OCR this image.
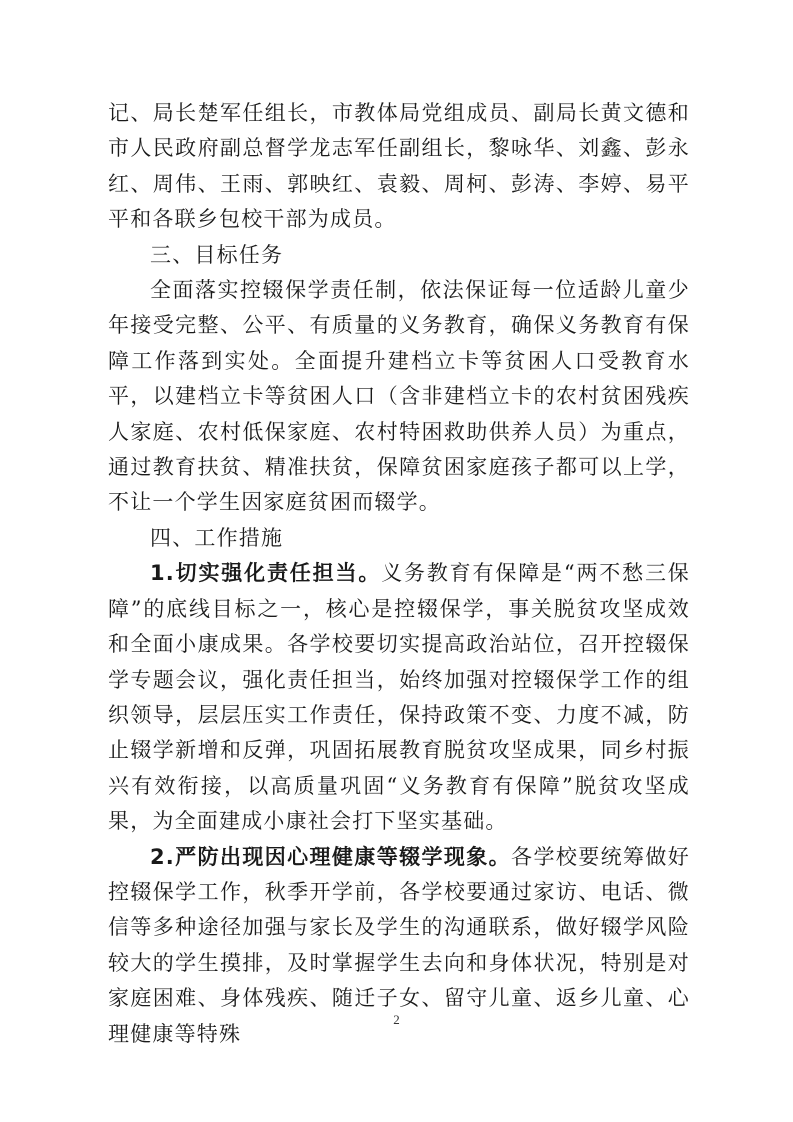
记、局长楚军任组长，市教体局党组成员、副局长黄文德和市人民政府副总督学龙志军任副组长，黎咏华、刘鑫、彭永红、周伟、王雨、郭映红、袁毅、周柯、彭涛、李婷、易平平和各联乡包校干部为成员。

三、目标任务

全面落实控辍保学责任制，依法保证每一位适龄儿童少年接受完整、公平、有质量的义务教育，确保义务教育有保障工作落到实处。全面提升建档立卡等贫困人口受教育水平，以建档立卡等贫困人口（含非建档立卡的农村贫困残疾人家庭、农村低保家庭、农村特困救助供养人员）为重点，通过教育扶贫、精准扶贫，保障贫困家庭孩子都可以上学，不让一个学生因家庭贫困而辍学。

四、工作措施

1.切实强化责任担当。义务教育有保障是“两不愁三保障”的底线目标之一，核心是控辍保学，事关脱贫攻坚成效和全面小康成果。各学校要切实提高政治站位，召开控辍保学专题会议，强化责任担当，始终加强对控辍保学工作的组织领导，层层压实工作责任，保持政策不变、力度不减，防止辍学新增和反弹，巩固拓展教育脱贫攻坚成果，同乡村振兴有效衔接，以高质量巩固“义务教育有保障”脱贫攻坚成果，为全面建成小康社会打下坚实基础。

2.严防出现因心理健康等辍学现象。各学校要统筹做好控辍保学工作，秋季开学前，各学校要通过家访、电话、微信等多种途径加强与家长及学生的沟通联系，做好辍学风险较大的学生摸排，及时掌握学生去向和身体状况，特别是对家庭困难、身体残疾、随迁子女、留守儿童、返乡儿童、心理健康等特殊

2
